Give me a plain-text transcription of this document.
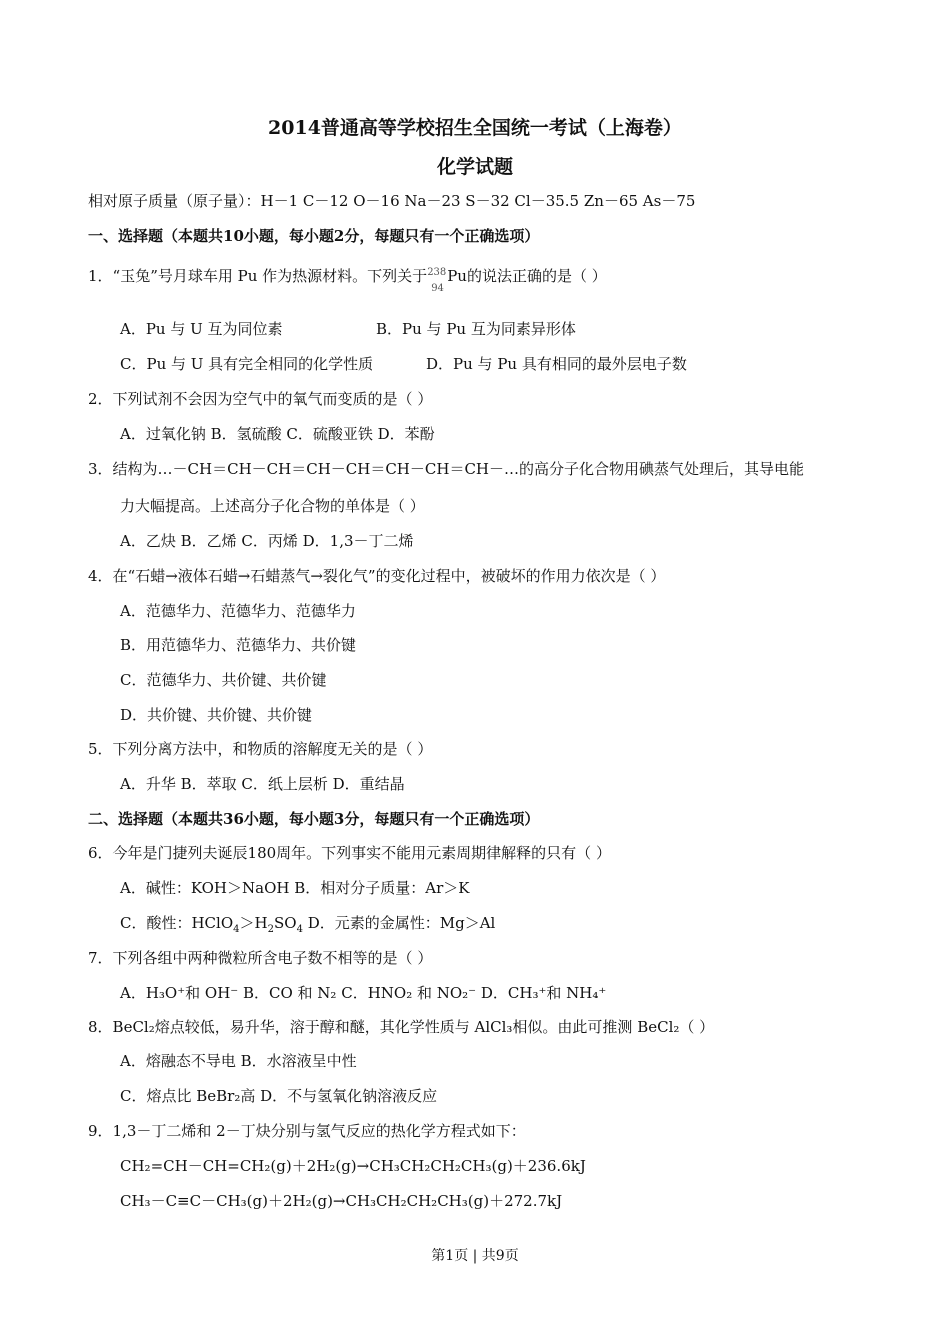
2014普通高等学校招生全国统一考试（上海卷）
化学试题
相对原子质量（原子量）：H－1 C－12 O－16 Na－23 S－32 Cl－35.5 Zn－65 As－75
一、选择题（本题共10小题，每小题2分，每题只有一个正确选项）
1．“玉兔”号月球车用 Pu 作为热源材料。下列关于 238
94
Pu的说法正确的是（ ）
A．Pu 与 U 互为同位素	B．Pu 与 Pu 互为同素异形体
C．Pu 与 U 具有完全相同的化学性质	D．Pu 与 Pu 具有相同的最外层电子数
2．下列试剂不会因为空气中的氧气而变质的是（ ）
A．过氧化钠 B．氢硫酸 C．硫酸亚铁 D．苯酚
3．结构为…－CH＝CH－CH＝CH－CH＝CH－CH＝CH－…的高分子化合物用碘蒸气处理后，其导电能
力大幅提高。上述高分子化合物的单体是（ ）
A．乙炔 B．乙烯 C．丙烯 D．1,3－丁二烯
4．在“石蜡→液体石蜡→石蜡蒸气→裂化气”的变化过程中，被破坏的作用力依次是（ ）
A．范德华力、范德华力、范德华力
B．用范德华力、范德华力、共价键
C．范德华力、共价键、共价键
D．共价键、共价键、共价键
5．下列分离方法中，和物质的溶解度无关的是（ ）
A．升华 B．萃取 C．纸上层析 D．重结晶
二、选择题（本题共36小题，每小题3分，每题只有一个正确选项）
6．今年是门捷列夫诞辰180周年。下列事实不能用元素周期律解释的只有（ ）
A．碱性：KOH＞NaOH B．相对分子质量：Ar＞K
C．酸性：$HClO_4>H_2SO_4$ D．元素的金属性：Mg＞Al
7．下列各组中两种微粒所含电子数不相等的是（ ）
A．H₃O⁺和 OH⁻ B．CO 和 N₂ C．HNO₂ 和 NO₂⁻ D．CH₃⁺和 NH₄⁺
8．BeCl₂熔点较低，易升华，溶于醇和醚，其化学性质与 AlCl₃相似。由此可推测 BeCl₂（ ）
A．熔融态不导电 B．水溶液呈中性
C．熔点比 BeBr₂高 D．不与氢氧化钠溶液反应
9．1,3－丁二烯和 2－丁炔分别与氢气反应的热化学方程式如下：
CH₂=CH－CH=CH₂(g)＋2H₂(g)→CH₃CH₂CH₂CH₃(g)＋236.6kJ
CH₃－C≡C－CH₃(g)＋2H₂(g)→CH₃CH₂CH₂CH₃(g)＋272.7kJ
第1页 | 共9页
